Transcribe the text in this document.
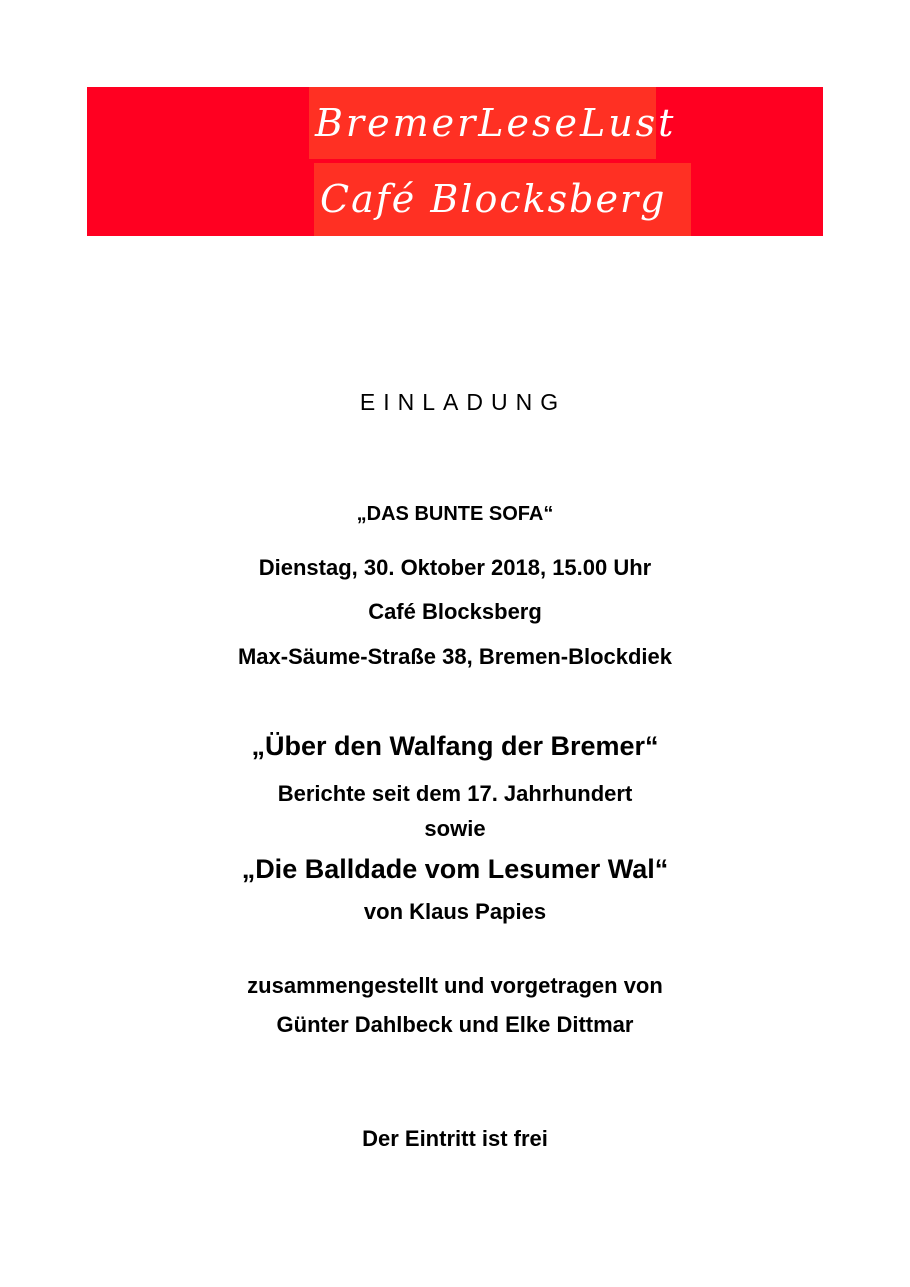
BremerLeseLust
Café Blocksberg
EINLADUNG
„DAS BUNTE SOFA“
Dienstag, 30. Oktober 2018, 15.00 Uhr
Café Blocksberg
Max-Säume-Straße 38, Bremen-Blockdiek
„Über den Walfang der Bremer“
Berichte seit dem 17. Jahrhundert
sowie
„Die Balldade vom Lesumer Wal“
von Klaus Papies
zusammengestellt und vorgetragen von
Günter Dahlbeck und Elke Dittmar
Der Eintritt ist frei
